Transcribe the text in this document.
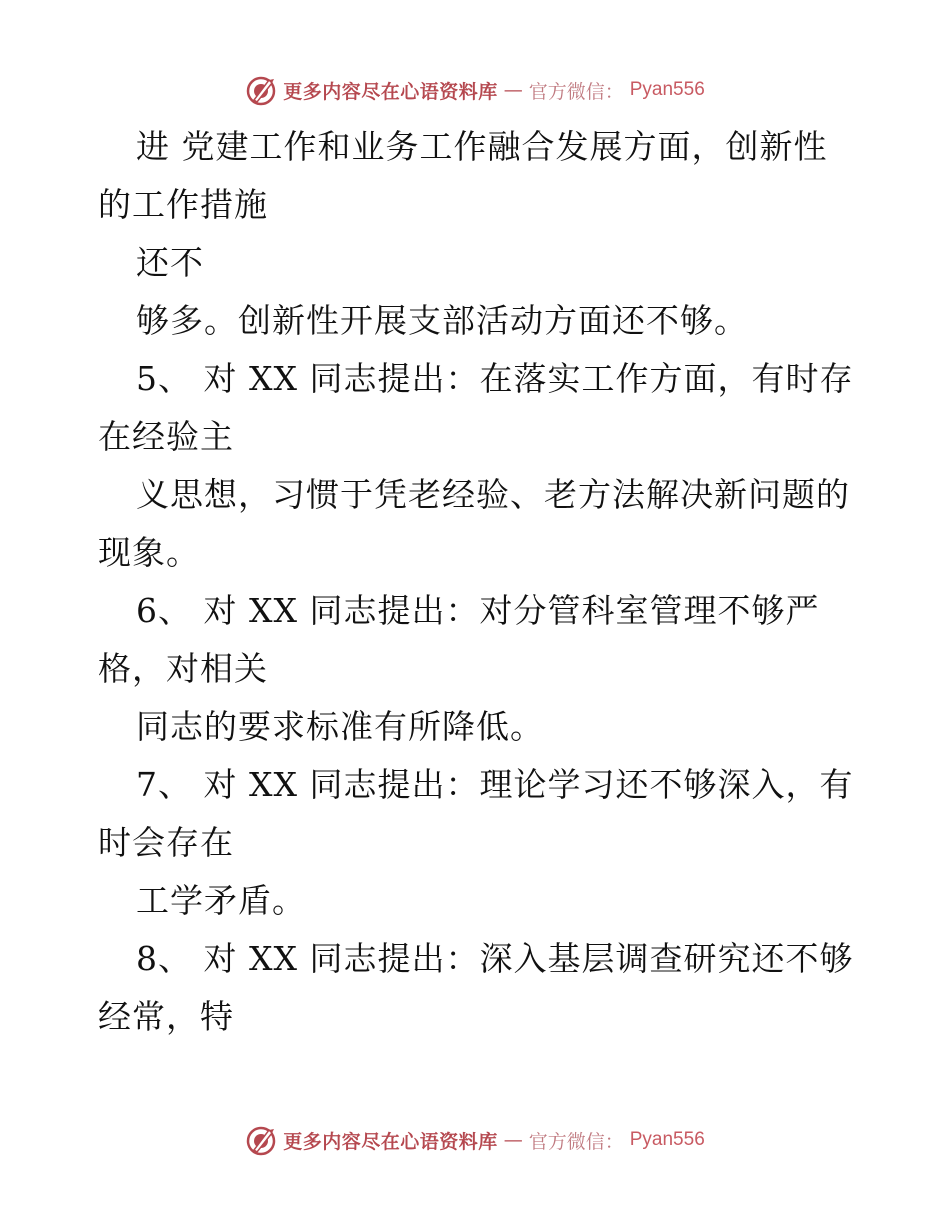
更多内容尽在心语资料库 — 官方微信： Pyan556
进 党建工作和业务工作融合发展方面，创新性
的工作措施
还不
够多。创新性开展支部活动方面还不够。
5、 对 XX 同志提出：在落实工作方面，有时存
在经验主
义思想，习惯于凭老经验、老方法解决新问题的
现象。
6、 对 XX 同志提出：对分管科室管理不够严
格，对相关
同志的要求标准有所降低。
7、 对 XX 同志提出：理论学习还不够深入，有
时会存在
工学矛盾。
8、 对 XX 同志提出：深入基层调查研究还不够
经常，特
更多内容尽在心语资料库 — 官方微信： Pyan556
